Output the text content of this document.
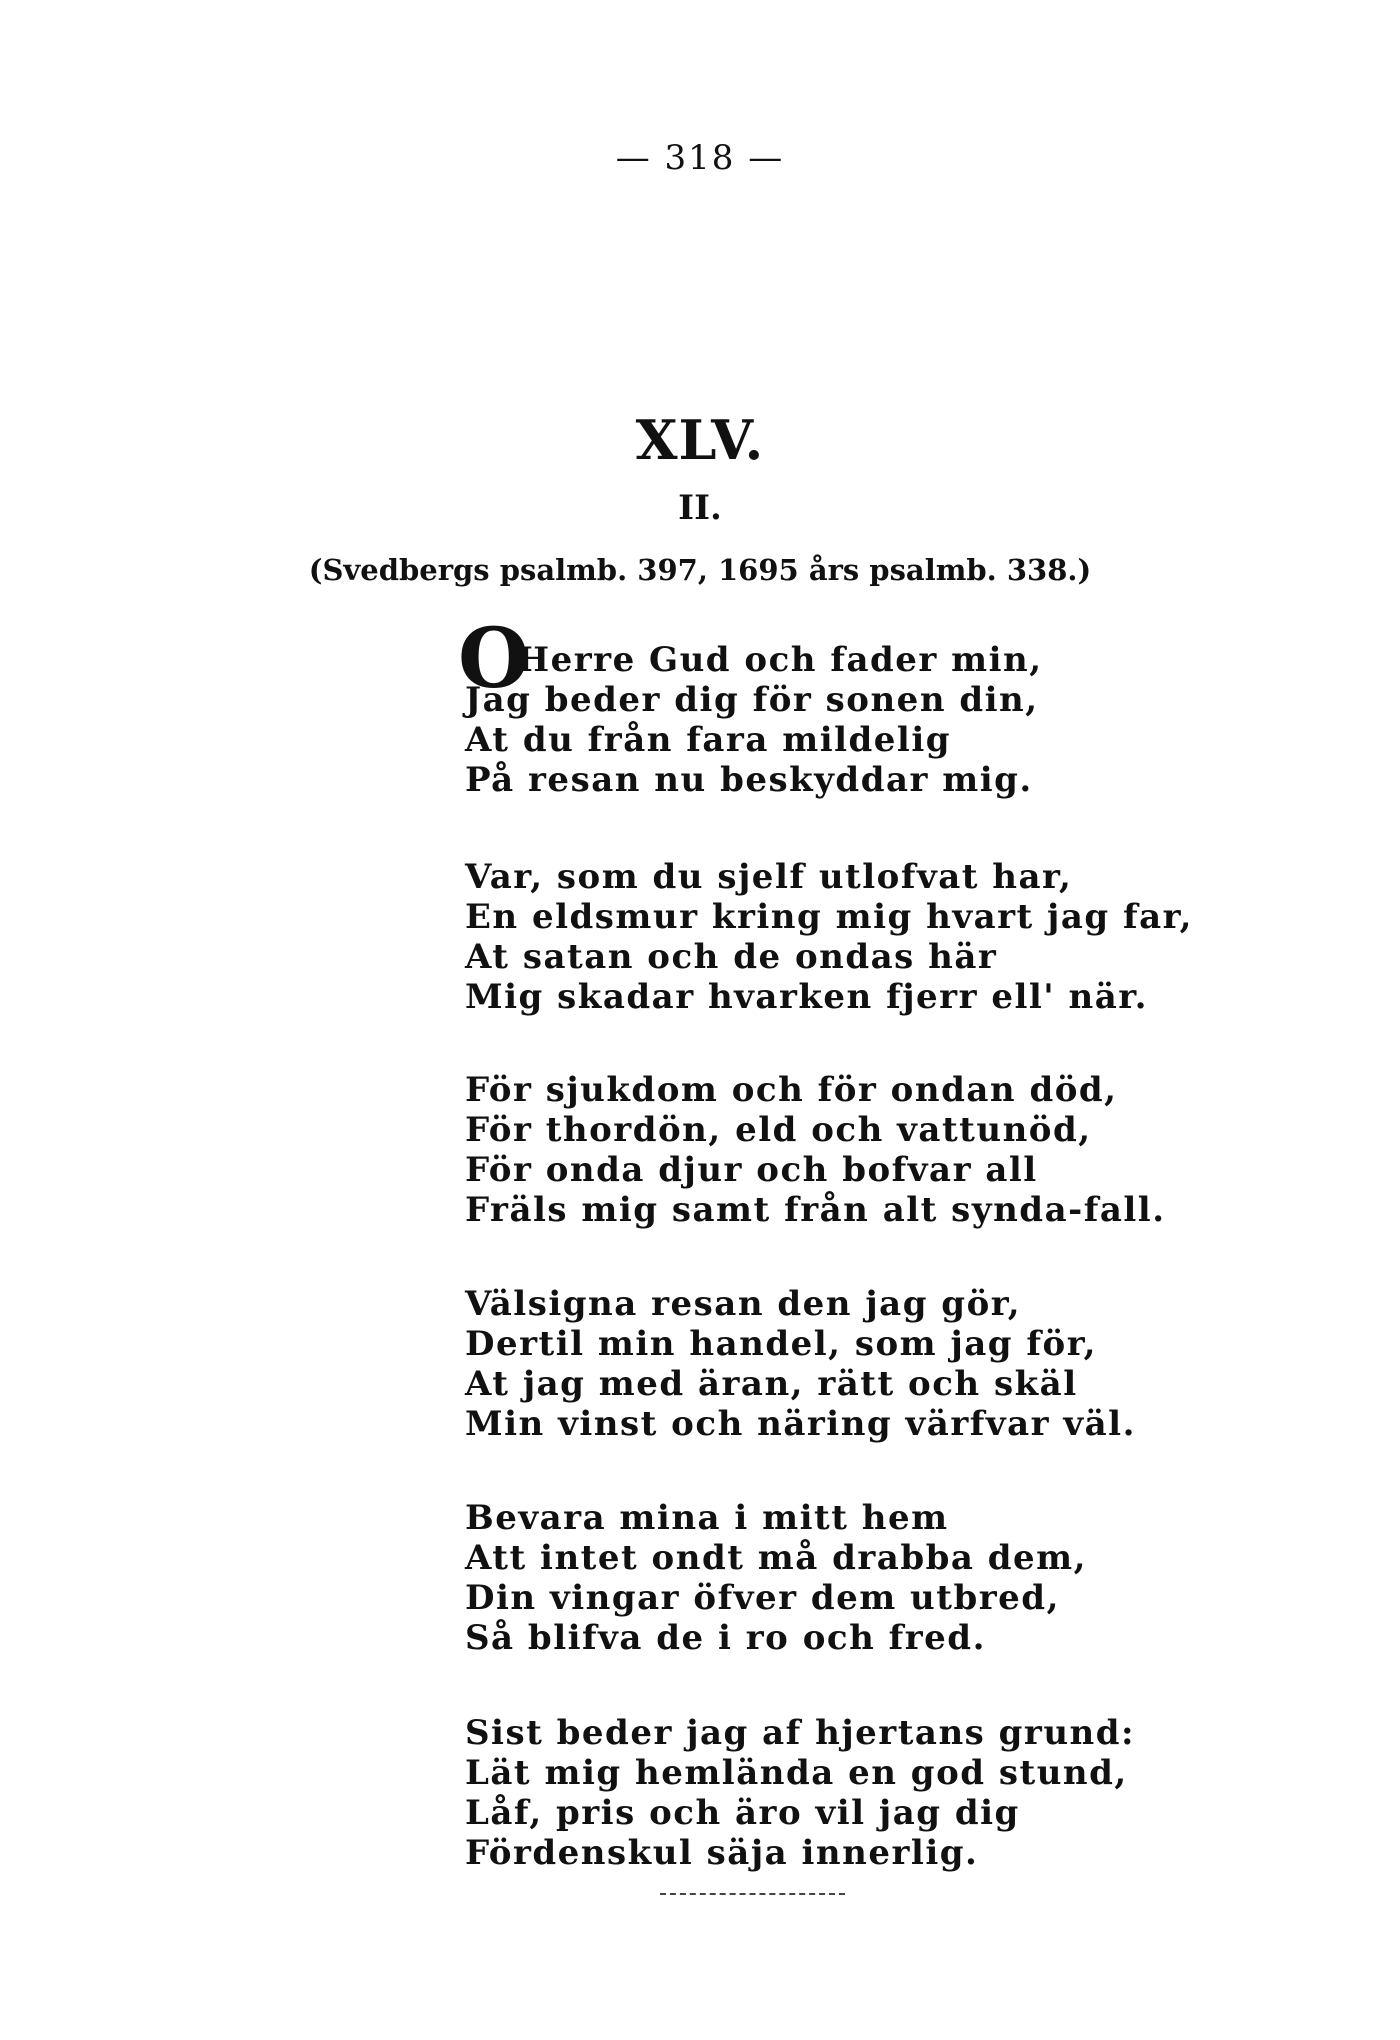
— 318 —
XLV.
II.
(Svedbergs psalmb. 397, 1695 års psalmb. 338.)
O
Herre Gud och fader min,
Jag beder dig för sonen din,
At du från fara mildelig
På resan nu beskyddar mig.
Var, som du sjelf utlofvat har,
En eldsmur kring mig hvart jag far,
At satan och de ondas här
Mig skadar hvarken fjerr ell' när.
För sjukdom och för ondan död,
För thordön, eld och vattunöd,
För onda djur och bofvar all
Fräls mig samt från alt synda-fall.
Välsigna resan den jag gör,
Dertil min handel, som jag för,
At jag med äran, rätt och skäl
Min vinst och näring värfvar väl.
Bevara mina i mitt hem
Att intet ondt må drabba dem,
Din vingar öfver dem utbred,
Så blifva de i ro och fred.
Sist beder jag af hjertans grund:
Lät mig hemlända en god stund,
Låf, pris och äro vil jag dig
Fördenskul säja innerlig.
